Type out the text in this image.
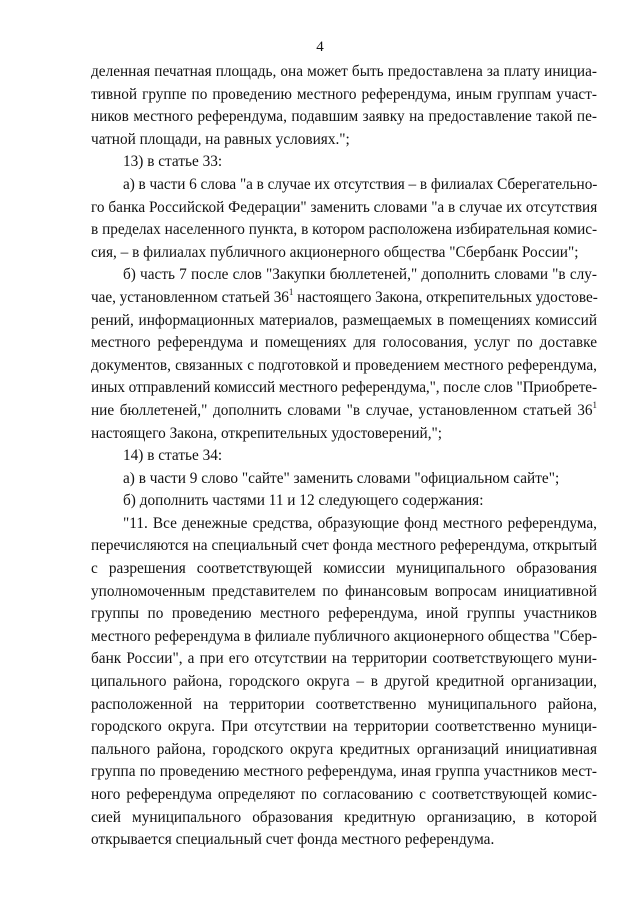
4
деленная печатная площадь, она может быть предоставлена за плату инициа-
тивной группе по проведению местного референдума, иным группам участ-
ников местного референдума, подавшим заявку на предоставление такой пе-
чатной площади, на равных условиях.";
13) в статье 33:
а) в части 6 слова "а в случае их отсутствия – в филиалах Сберегательно-
го банка Российской Федерации" заменить словами "а в случае их отсутствия
в пределах населенного пункта, в котором расположена избирательная комис-
сия, – в филиалах публичного акционерного общества "Сбербанк России";
б) часть 7 после слов "Закупки бюллетеней," дополнить словами "в слу-
чае, установленном статьей $36^1$ настоящего Закона, открепительных удостове-
рений, информационных материалов, размещаемых в помещениях комиссий
местного референдума и помещениях для голосования, услуг по доставке
документов, связанных с подготовкой и проведением местного референдума,
иных отправлений комиссий местного референдума,", после слов "Приобрете-
ние бюллетеней," дополнить словами "в случае, установленном статьей $36^1$
настоящего Закона, открепительных удостоверений,";
14) в статье 34:
а) в части 9 слово "сайте" заменить словами "официальном сайте";
б) дополнить частями 11 и 12 следующего содержания:
"11. Все денежные средства, образующие фонд местного референдума,
перечисляются на специальный счет фонда местного референдума, открытый
с разрешения соответствующей комиссии муниципального образования
уполномоченным представителем по финансовым вопросам инициативной
группы по проведению местного референдума, иной группы участников
местного референдума в филиале публичного акционерного общества "Сбер-
банк России", а при его отсутствии на территории соответствующего муни-
ципального района, городского округа – в другой кредитной организации,
расположенной на территории соответственно муниципального района,
городского округа. При отсутствии на территории соответственно муници-
пального района, городского округа кредитных организаций инициативная
группа по проведению местного референдума, иная группа участников мест-
ного референдума определяют по согласованию с соответствующей комис-
сией муниципального образования кредитную организацию, в которой
открывается специальный счет фонда местного референдума.
